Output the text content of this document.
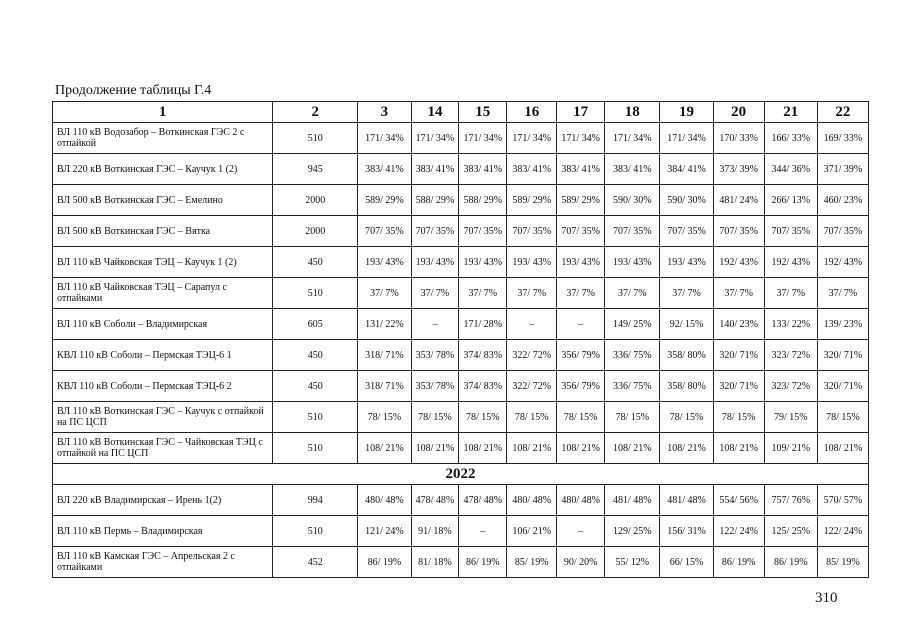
Продолжение таблицы Г.4
1	2	3	14	15	16	17	18	19	20	21	22
ВЛ 110 кВ Водозабор – Воткинская ГЭС 2 с отпайкой	510	171/ 34%	171/ 34%	171/ 34%	171/ 34%	171/ 34%	171/ 34%	171/ 34%	170/ 33%	166/ 33%	169/ 33%
ВЛ 220 кВ Воткинская ГЭС – Каучук 1 (2)	945	383/ 41%	383/ 41%	383/ 41%	383/ 41%	383/ 41%	383/ 41%	384/ 41%	373/ 39%	344/ 36%	371/ 39%
ВЛ 500 кВ Воткинская ГЭС – Емелино	2000	589/ 29%	588/ 29%	588/ 29%	589/ 29%	589/ 29%	590/ 30%	590/ 30%	481/ 24%	266/ 13%	460/ 23%
ВЛ 500 кВ Воткинская ГЭС – Вятка	2000	707/ 35%	707/ 35%	707/ 35%	707/ 35%	707/ 35%	707/ 35%	707/ 35%	707/ 35%	707/ 35%	707/ 35%
ВЛ 110 кВ Чайковская ТЭЦ – Каучук 1 (2)	450	193/ 43%	193/ 43%	193/ 43%	193/ 43%	193/ 43%	193/ 43%	193/ 43%	192/ 43%	192/ 43%	192/ 43%
ВЛ 110 кВ Чайковская ТЭЦ – Сарапул с отпайками	510	37/ 7%	37/ 7%	37/ 7%	37/ 7%	37/ 7%	37/ 7%	37/ 7%	37/ 7%	37/ 7%	37/ 7%
ВЛ 110 кВ Соболи – Владимирская	605	131/ 22%	–	171/ 28%	–	–	149/ 25%	92/ 15%	140/ 23%	133/ 22%	139/ 23%
КВЛ 110 кВ Соболи – Пермская ТЭЦ-6 1	450	318/ 71%	353/ 78%	374/ 83%	322/ 72%	356/ 79%	336/ 75%	358/ 80%	320/ 71%	323/ 72%	320/ 71%
КВЛ 110 кВ Соболи – Пермская ТЭЦ-6 2	450	318/ 71%	353/ 78%	374/ 83%	322/ 72%	356/ 79%	336/ 75%	358/ 80%	320/ 71%	323/ 72%	320/ 71%
ВЛ 110 кВ Воткинская ГЭС – Каучук с отпайкой на ПС ЦСП	510	78/ 15%	78/ 15%	78/ 15%	78/ 15%	78/ 15%	78/ 15%	78/ 15%	78/ 15%	79/ 15%	78/ 15%
ВЛ 110 кВ Воткинская ГЭС – Чайковская ТЭЦ с отпайкой на ПС ЦСП	510	108/ 21%	108/ 21%	108/ 21%	108/ 21%	108/ 21%	108/ 21%	108/ 21%	108/ 21%	109/ 21%	108/ 21%
2022											
ВЛ 220 кВ Владимирская – Ирень 1(2)	994	480/ 48%	478/ 48%	478/ 48%	480/ 48%	480/ 48%	481/ 48%	481/ 48%	554/ 56%	757/ 76%	570/ 57%
ВЛ 110 кВ Пермь – Владимирская	510	121/ 24%	91/ 18%	–	106/ 21%	–	129/ 25%	156/ 31%	122/ 24%	125/ 25%	122/ 24%
ВЛ 110 кВ Камская ГЭС – Апрельская 2 с отпайками	452	86/ 19%	81/ 18%	86/ 19%	85/ 19%	90/ 20%	55/ 12%	66/ 15%	86/ 19%	86/ 19%	85/ 19%
310
